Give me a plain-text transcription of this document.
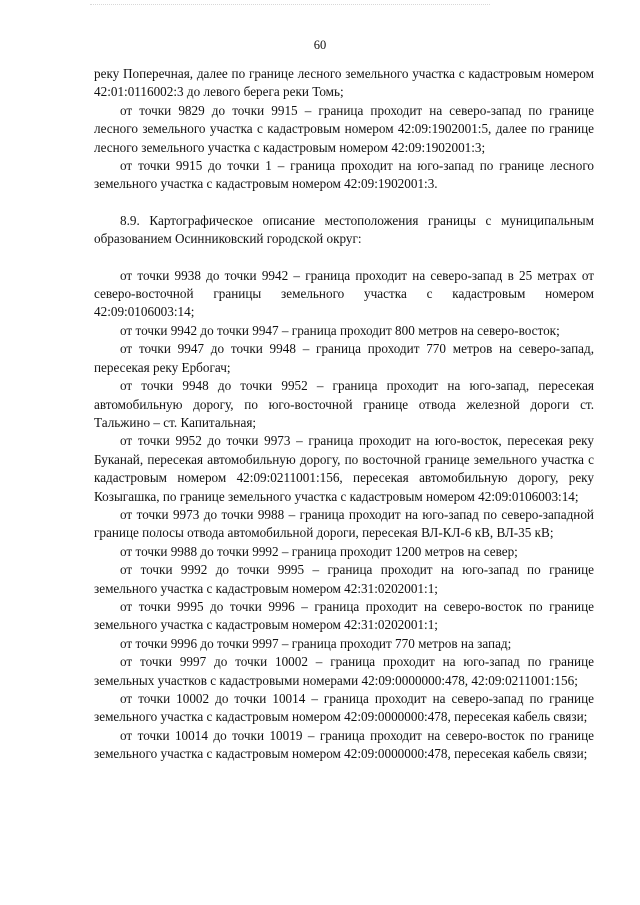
60

реку Поперечная, далее по границе лесного земельного участка с кадастровым номером 42:01:0116002:3 до левого берега реки Томь;

от точки 9829 до точки 9915 – граница проходит на северо-запад по границе лесного земельного участка с кадастровым номером 42:09:1902001:5, далее по границе лесного земельного участка с кадастровым номером 42:09:1902001:3;

от точки 9915 до точки 1 – граница проходит на юго-запад по границе лесного земельного участка с кадастровым номером 42:09:1902001:3.

8.9. Картографическое описание местоположения границы с муниципальным образованием Осинниковский городской округ:

от точки 9938 до точки 9942 – граница проходит на северо-запад в 25 метрах от северо-восточной границы земельного участка с кадастровым номером 42:09:0106003:14;

от точки 9942 до точки 9947 – граница проходит 800 метров на северо-восток;

от точки 9947 до точки 9948 – граница проходит 770 метров на северо-запад, пересекая реку Ербогач;

от точки 9948 до точки 9952 – граница проходит на юго-запад, пересекая автомобильную дорогу, по юго-восточной границе отвода железной дороги ст. Тальжино – ст. Капитальная;

от точки 9952 до точки 9973 – граница проходит на юго-восток, пересекая реку Буканай, пересекая автомобильную дорогу, по восточной границе земельного участка с кадастровым номером 42:09:0211001:156, пересекая автомобильную дорогу, реку Козыгашка, по границе земельного участка с кадастровым номером 42:09:0106003:14;

от точки 9973 до точки 9988 – граница проходит на юго-запад по северо-западной границе полосы отвода автомобильной дороги, пересекая ВЛ-КЛ-6 кВ, ВЛ-35 кВ;

от точки 9988 до точки 9992 – граница проходит 1200 метров на север;

от точки 9992 до точки 9995 – граница проходит на юго-запад по границе земельного участка с кадастровым номером 42:31:0202001:1;

от точки 9995 до точки 9996 – граница проходит на северо-восток по границе земельного участка с кадастровым номером 42:31:0202001:1;

от точки 9996 до точки 9997 – граница проходит 770 метров на запад;

от точки 9997 до точки 10002 – граница проходит на юго-запад по границе земельных участков с кадастровыми номерами 42:09:0000000:478, 42:09:0211001:156;

от точки 10002 до точки 10014 – граница проходит на северо-запад по границе земельного участка с кадастровым номером 42:09:0000000:478, пересекая кабель связи;

от точки 10014 до точки 10019 – граница проходит на северо-восток по границе земельного участка с кадастровым номером 42:09:0000000:478, пересекая кабель связи;
